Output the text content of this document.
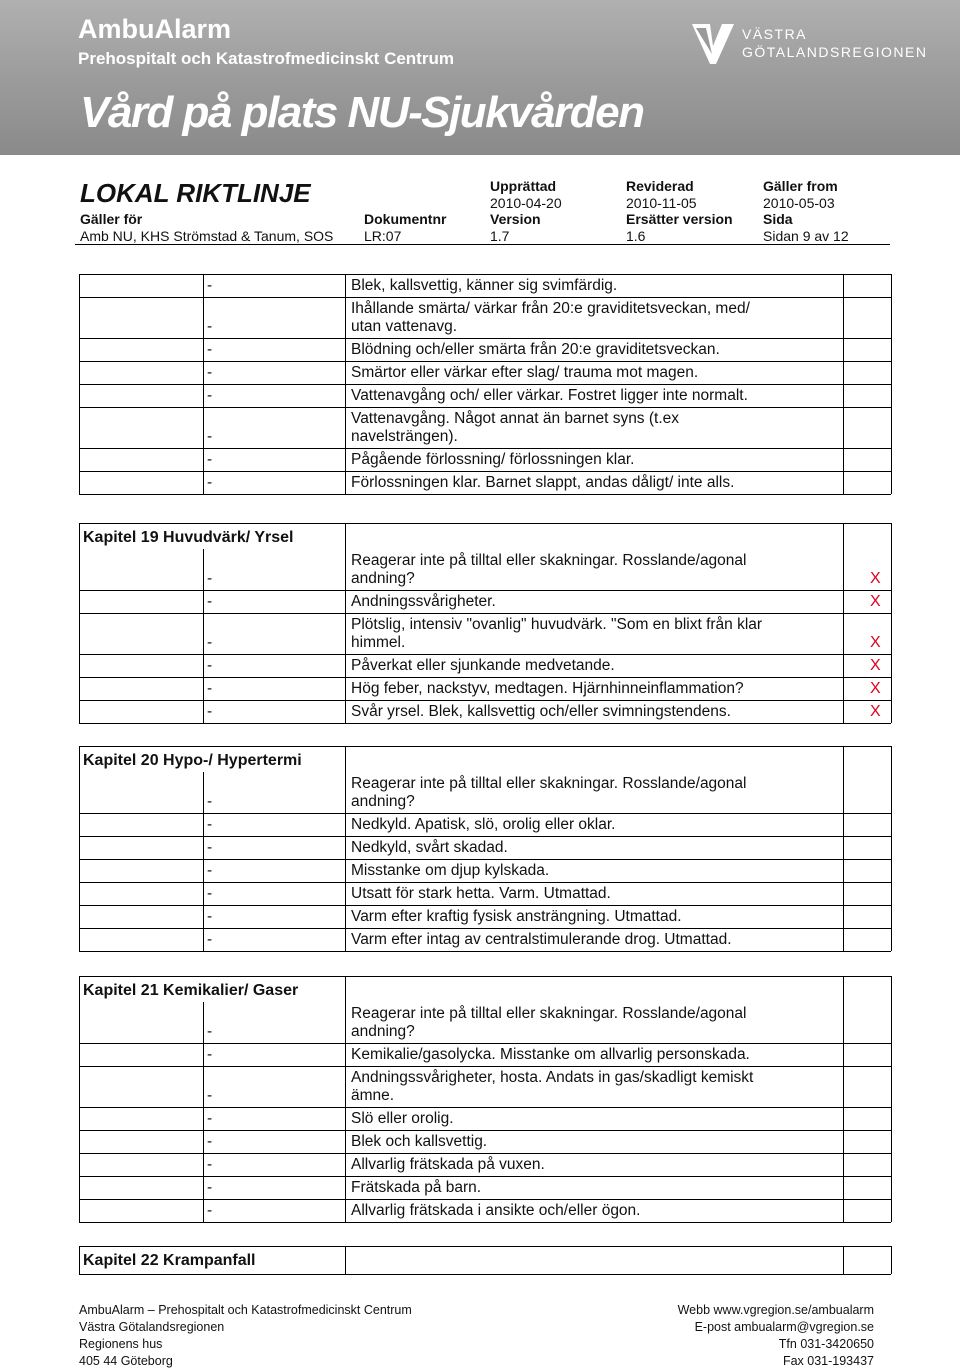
AmbuAlarm
Prehospitalt och Katastrofmedicinskt Centrum
Vård på plats NU-Sjukvården
VÄSTRA
GÖTALANDSREGIONEN
LOKAL RIKTLINJE	Upprättad
2010-04-20
Reviderad
2010-11-05
Gäller from
2010-05-03
Gäller för
Amb NU, KHS Strömstad & Tanum, SOS
Dokumentnr
LR:07
Version
1.7
Ersätter version
1.6
Sida
Sidan 9 av 12
-	Blek, kallsvettig, känner sig svimfärdig.
-
Ihållande smärta/ värkar från 20:e graviditetsveckan, med/
utan vattenavg.
-	Blödning och/eller smärta från 20:e graviditetsveckan.
-	Smärtor eller värkar efter slag/ trauma mot magen.
-	Vattenavgång och/ eller värkar. Fostret ligger inte normalt.
-
Vattenavgång. Något annat än barnet syns (t.ex
navelsträngen).
-	Pågående förlossning/ förlossningen klar.
-	Förlossningen klar. Barnet slappt, andas dåligt/ inte alls.
Kapitel 19 Huvudvärk/ Yrsel
-
Reagerar inte på tilltal eller skakningar. Rosslande/agonal
andning?	X
-	Andningssvårigheter.	X
-
Plötslig, intensiv "ovanlig" huvudvärk. "Som en blixt från klar
himmel.	X
-	Påverkat eller sjunkande medvetande.	X
-	Hög feber, nackstyv, medtagen. Hjärnhinneinflammation?	X
-	Svår yrsel. Blek, kallsvettig och/eller svimningstendens.	X
Kapitel 20 Hypo-/ Hypertermi
-
Reagerar inte på tilltal eller skakningar. Rosslande/agonal
andning?
-	Nedkyld. Apatisk, slö, orolig eller oklar.
-	Nedkyld, svårt skadad.
-	Misstanke om djup kylskada.
-	Utsatt för stark hetta. Varm. Utmattad.
-	Varm efter kraftig fysisk ansträngning. Utmattad.
-	Varm efter intag av centralstimulerande drog. Utmattad.
Kapitel 21 Kemikalier/ Gaser
-
Reagerar inte på tilltal eller skakningar. Rosslande/agonal
andning?
-	Kemikalie/gasolycka. Misstanke om allvarlig personskada.
-
Andningssvårigheter, hosta. Andats in gas/skadligt kemiskt
ämne.
-	Slö eller orolig.
-	Blek och kallsvettig.
-	Allvarlig frätskada på vuxen.
-	Frätskada på barn.
-	Allvarlig frätskada i ansikte och/eller ögon.
Kapitel 22 Krampanfall
AmbuAlarm – Prehospitalt och Katastrofmedicinskt Centrum
Västra Götalandsregionen
Regionens hus
405 44 Göteborg
Webb www.vgregion.se/ambualarm
E-post ambualarm@vgregion.se
Tfn 031-3420650
Fax 031-193437
